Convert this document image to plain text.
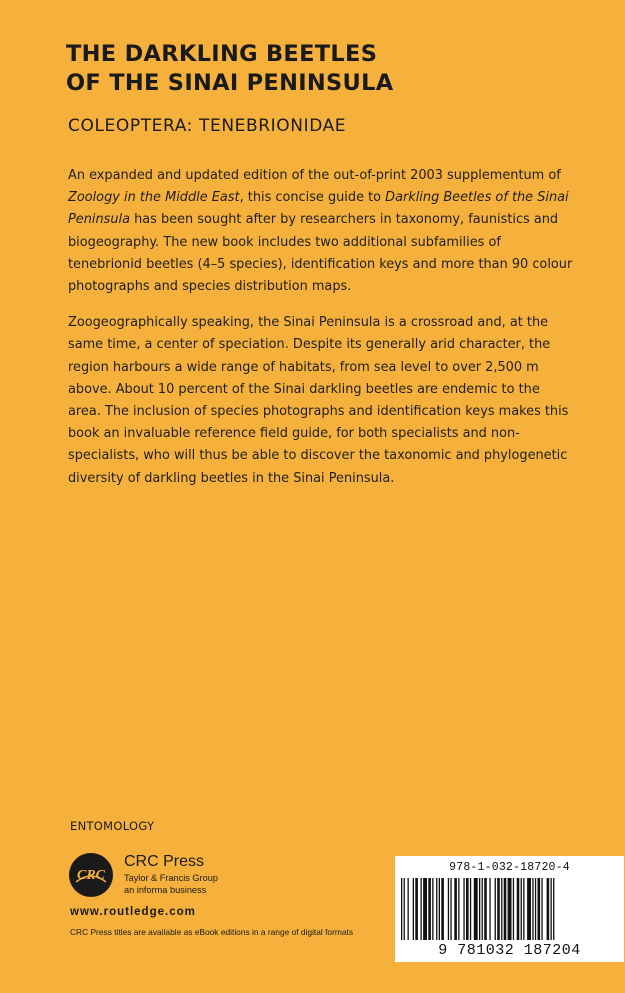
THE DARKLING BEETLES
OF THE SINAI PENINSULA
COLEOPTERA: TENEBRIONIDAE

An expanded and updated edition of the out-of-print 2003 supplementum of Zoology in the Middle East, this concise guide to Darkling Beetles of the Sinai Peninsula has been sought after by researchers in taxonomy, faunistics and biogeography. The new book includes two additional subfamilies of tenebrionid beetles (4–5 species), identification keys and more than 90 colour photographs and species distribution maps.

Zoogeographically speaking, the Sinai Peninsula is a crossroad and, at the same time, a center of speciation. Despite its generally arid character, the region harbours a wide range of habitats, from sea level to over 2,500 m above. About 10 percent of the Sinai darkling beetles are endemic to the area. The inclusion of species photographs and identification keys makes this book an invaluable reference field guide, for both specialists and non-specialists, who will thus be able to discover the taxonomic and phylogenetic diversity of darkling beetles in the Sinai Peninsula.

ENTOMOLOGY
CRC
CRC Press
Taylor & Francis Group
an informa business
www.routledge.com
CRC Press titles are available as eBook editions in a range of digital formats
978-1-032-18720-4
9 781032 187204
